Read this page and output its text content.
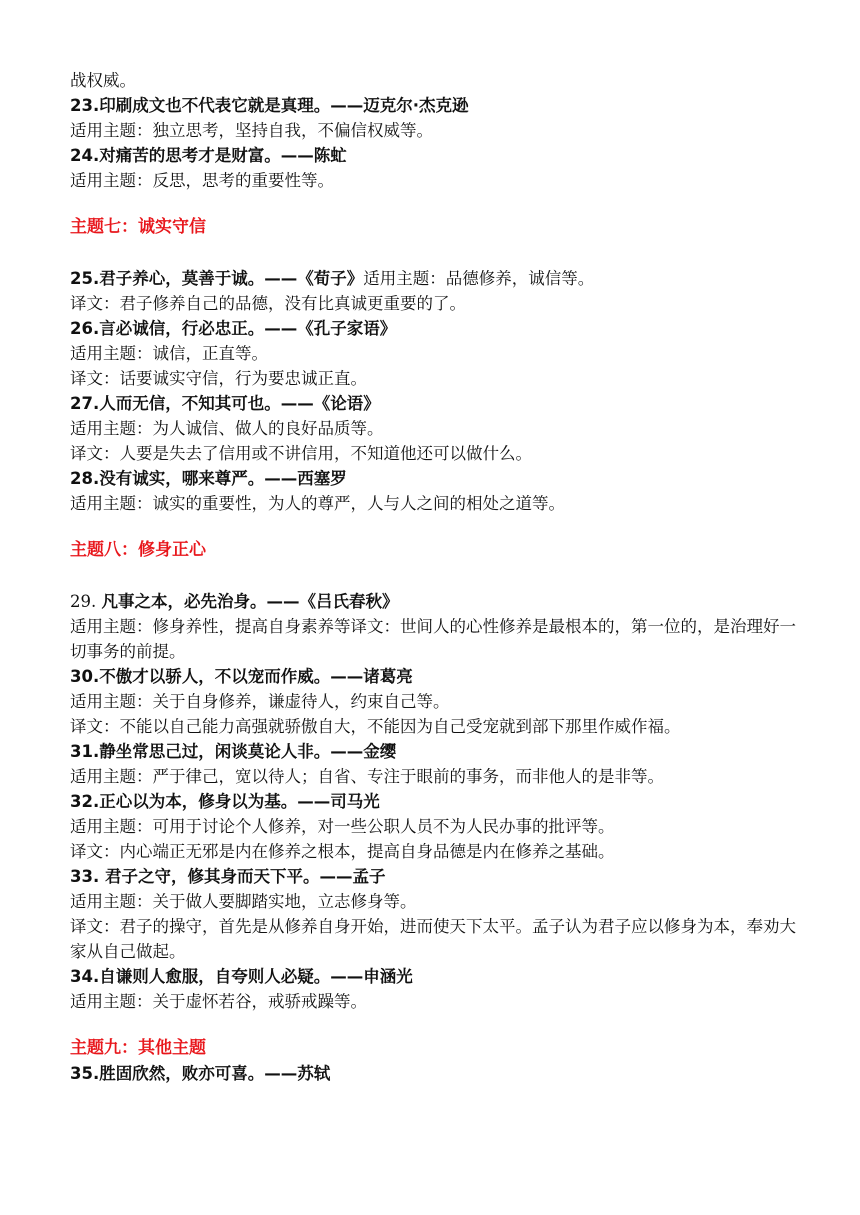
战权威。
23.印刷成文也不代表它就是真理。——迈克尔·杰克逊
适用主题：独立思考，坚持自我，不偏信权威等。
24.对痛苦的思考才是财富。——陈虻
适用主题：反思，思考的重要性等。
主题七：诚实守信
25.君子养心，莫善于诚。——《荀子》适用主题：品德修养，诚信等。
译文：君子修养自己的品德，没有比真诚更重要的了。
26.言必诚信，行必忠正。——《孔子家语》
适用主题：诚信，正直等。
译文：话要诚实守信，行为要忠诚正直。
27.人而无信，不知其可也。——《论语》
适用主题：为人诚信、做人的良好品质等。
译文：人要是失去了信用或不讲信用，不知道他还可以做什么。
28.没有诚实，哪来尊严。——西塞罗
适用主题：诚实的重要性，为人的尊严，人与人之间的相处之道等。
主题八：修身正心
29. 凡事之本，必先治身。——《吕氏春秋》
适用主题：修身养性，提高自身素养等译文：世间人的心性修养是最根本的，第一位的，是治理好一切事务的前提。
30.不傲才以骄人，不以宠而作威。——诸葛亮
适用主题：关于自身修养，谦虚待人，约束自己等。
译文：不能以自己能力高强就骄傲自大，不能因为自己受宠就到部下那里作威作福。
31.静坐常思己过，闲谈莫论人非。——金缨
适用主题：严于律己，宽以待人；自省、专注于眼前的事务，而非他人的是非等。
32.正心以为本，修身以为基。——司马光
适用主题：可用于讨论个人修养，对一些公职人员不为人民办事的批评等。
译文：内心端正无邪是内在修养之根本，提高自身品德是内在修养之基础。
33. 君子之守，修其身而天下平。——孟子
适用主题：关于做人要脚踏实地，立志修身等。
译文：君子的操守，首先是从修养自身开始，进而使天下太平。孟子认为君子应以修身为本，奉劝大家从自己做起。
34.自谦则人愈服，自夸则人必疑。——申涵光
适用主题：关于虚怀若谷，戒骄戒躁等。
主题九：其他主题
35.胜固欣然，败亦可喜。——苏轼
